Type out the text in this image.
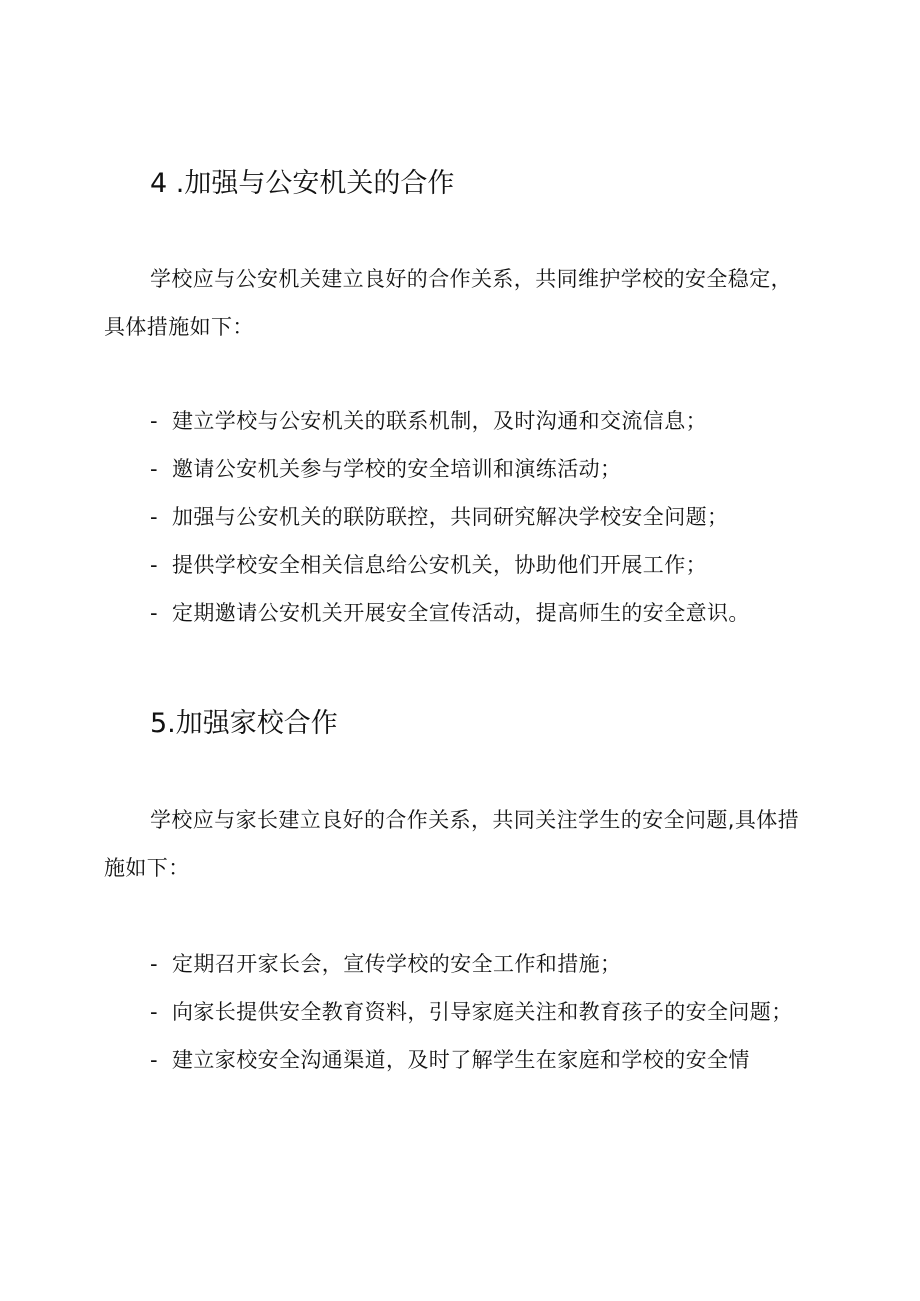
4 .加强与公安机关的合作

学校应与公安机关建立良好的合作关系，共同维护学校的安全稳定，具体措施如下：

- 建立学校与公安机关的联系机制，及时沟通和交流信息；
- 邀请公安机关参与学校的安全培训和演练活动；
- 加强与公安机关的联防联控，共同研究解决学校安全问题；
- 提供学校安全相关信息给公安机关，协助他们开展工作；
- 定期邀请公安机关开展安全宣传活动，提高师生的安全意识。
5.加强家校合作

学校应与家长建立良好的合作关系，共同关注学生的安全问题,具体措施如下：

- 定期召开家长会，宣传学校的安全工作和措施；
- 向家长提供安全教育资料，引导家庭关注和教育孩子的安全问题；
- 建立家校安全沟通渠道，及时了解学生在家庭和学校的安全情
